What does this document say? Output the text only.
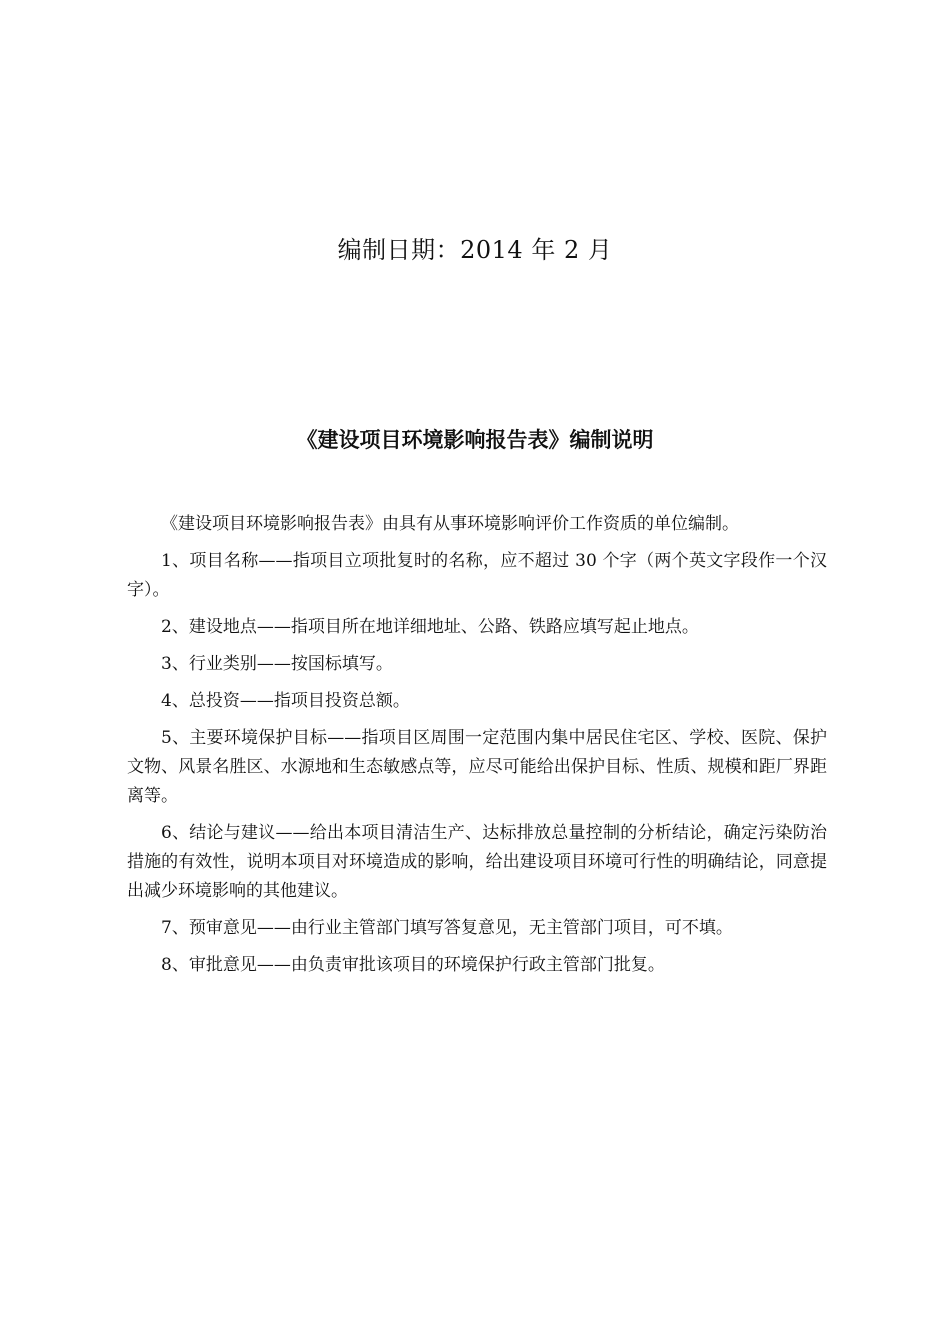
编制日期：2014 年 2 月
《建设项目环境影响报告表》编制说明

《建设项目环境影响报告表》由具有从事环境影响评价工作资质的单位编制。

1、项目名称——指项目立项批复时的名称，应不超过 30 个字（两个英文字段作一个汉字）。

2、建设地点——指项目所在地详细地址、公路、铁路应填写起止地点。

3、行业类别——按国标填写。

4、总投资——指项目投资总额。

5、主要环境保护目标——指项目区周围一定范围内集中居民住宅区、学校、医院、保护文物、风景名胜区、水源地和生态敏感点等，应尽可能给出保护目标、性质、规模和距厂界距离等。

6、结论与建议——给出本项目清洁生产、达标排放总量控制的分析结论，确定污染防治措施的有效性，说明本项目对环境造成的影响，给出建设项目环境可行性的明确结论，同意提出减少环境影响的其他建议。

7、预审意见——由行业主管部门填写答复意见，无主管部门项目，可不填。

8、审批意见——由负责审批该项目的环境保护行政主管部门批复。
